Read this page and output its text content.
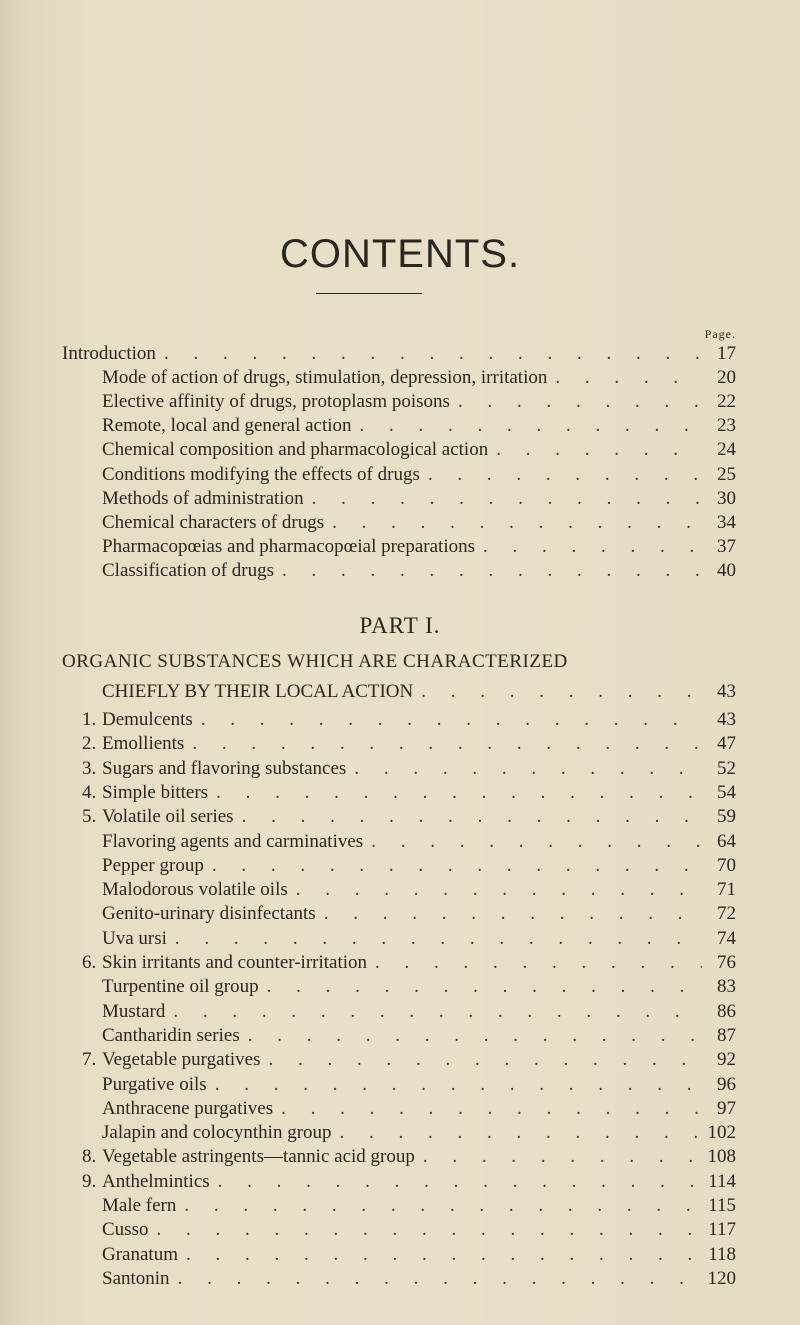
CONTENTS.
Page.
Introduction . . .	17
Mode of action of drugs, stimulation, depression, irritation . . .	20
Elective affinity of drugs, protoplasm poisons . . .	22
Remote, local and general action . . .	23
Chemical composition and pharmacological action . . .	24
Conditions modifying the effects of drugs . . .	25
Methods of administration . . .	30
Chemical characters of drugs . . .	34
Pharmacopœias and pharmacopœial preparations . . .	37
Classification of drugs . . .	40
PART I.
ORGANIC SUBSTANCES WHICH ARE CHARACTERIZED
CHIEFLY BY THEIR LOCAL ACTION . . .	43
1. Demulcents . . .	43
2. Emollients . . .	47
3. Sugars and flavoring substances . . .	52
4. Simple bitters . . .	54
5. Volatile oil series . . .	59
Flavoring agents and carminatives . . .	64
Pepper group . . .	70
Malodorous volatile oils . . .	71
Genito-urinary disinfectants . . .	72
Uva ursi . . .	74
6. Skin irritants and counter-irritation . . .	76
Turpentine oil group . . .	83
Mustard . . .	86
Cantharidin series . . .	87
7. Vegetable purgatives . . .	92
Purgative oils . . .	96
Anthracene purgatives . . .	97
Jalapin and colocynthin group . . .	102
8. Vegetable astringents—tannic acid group . . .	108
9. Anthelmintics . . .	114
Male fern . . .	115
Cusso . . .	117
Granatum . . .	118
Santonin . . .	120
